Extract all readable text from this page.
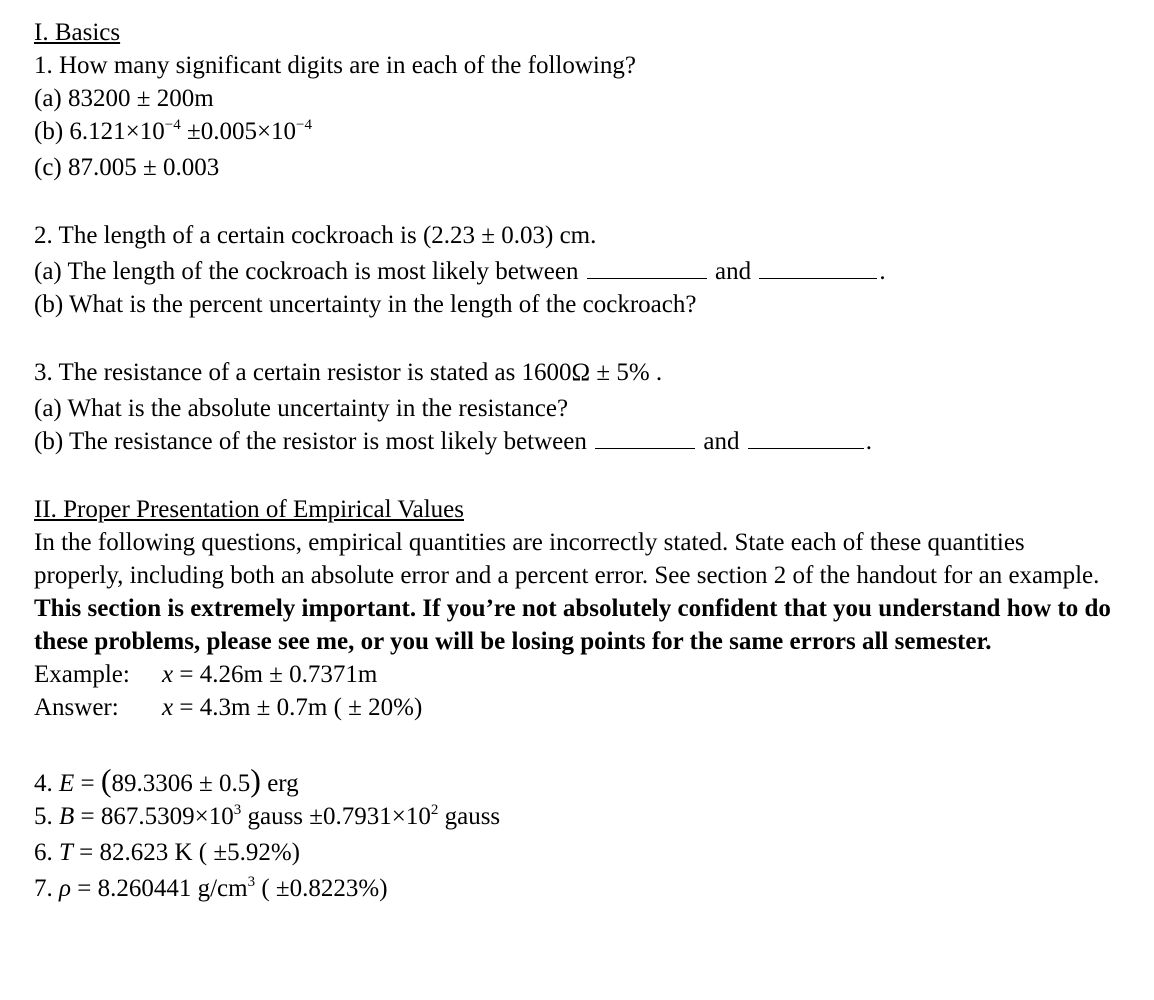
I. Basics
1. How many significant digits are in each of the following?
(a) 83200 ± 200m
(b) $6.121\times 10^{-4} \pm 0.005\times 10^{-4}$
(c) 87.005 ± 0.003
2. The length of a certain cockroach is (2.23 ± 0.03) cm.
(a) The length of the cockroach is most likely between	and	.
(b) What is the percent uncertainty in the length of the cockroach?
3. The resistance of a certain resistor is stated as 1600Ω ± 5% .
(a) What is the absolute uncertainty in the resistance?
(b) The resistance of the resistor is most likely between	and	.
II. Proper Presentation of Empirical Values
In the following questions, empirical quantities are incorrectly stated. State each of these quantities properly, including both an absolute error and a percent error. See section 2 of the handout for an example. This section is extremely important. If you’re not absolutely confident that you understand how to do these problems, please see me, or you will be losing points for the same errors all semester.
Example: x = 4.26m ± 0.7371m
Answer: x = 4.3m ± 0.7m ( ± 20%)
4. E = (89.3306 ± 0.5) erg
5. $B = 867.5309\times 10^3$ gauss $\pm 0.7931\times 10^2$ gauss
6. T = 82.623 K ( ±5.92%)
7. ρ = 8.260441 $g/cm^3$ ( ±0.8223%)
